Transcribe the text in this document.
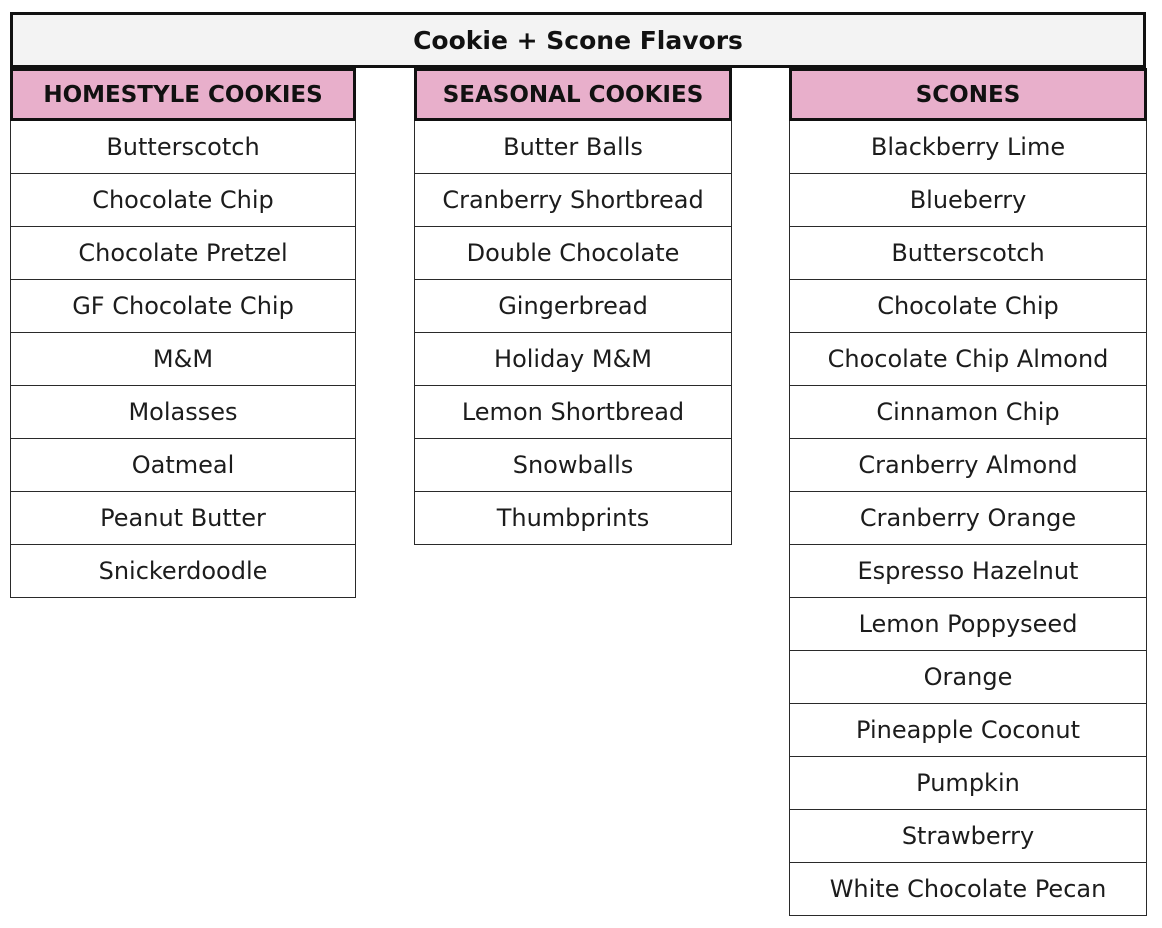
Cookie + Scone Flavors
HOMESTYLE COOKIES
Butterscotch
Chocolate Chip
Chocolate Pretzel
GF Chocolate Chip
M&M
Molasses
Oatmeal
Peanut Butter
Snickerdoodle
SEASONAL COOKIES
Butter Balls
Cranberry Shortbread
Double Chocolate
Gingerbread
Holiday M&M
Lemon Shortbread
Snowballs
Thumbprints
SCONES
Blackberry Lime
Blueberry
Butterscotch
Chocolate Chip
Chocolate Chip Almond
Cinnamon Chip
Cranberry Almond
Cranberry Orange
Espresso Hazelnut
Lemon Poppyseed
Orange
Pineapple Coconut
Pumpkin
Strawberry
White Chocolate Pecan
